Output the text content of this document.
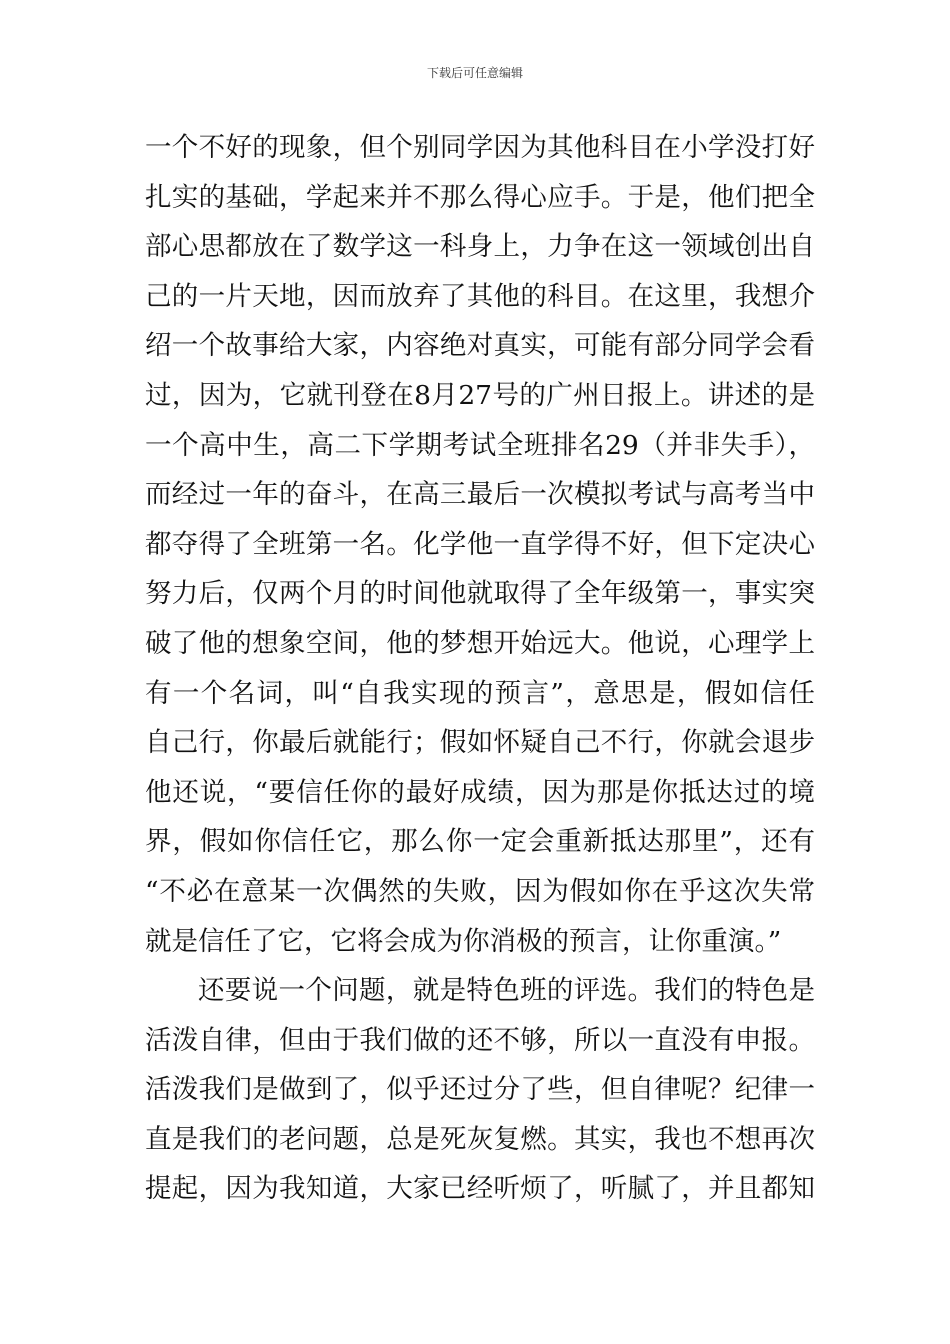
下载后可任意编辑
一个不好的现象，但个别同学因为其他科目在小学没打好
扎实的基础，学起来并不那么得心应手。于是，他们把全
部心思都放在了数学这一科身上，力争在这一领域创出自
己的一片天地，因而放弃了其他的科目。在这里，我想介
绍一个故事给大家，内容绝对真实，可能有部分同学会看
过，因为，它就刊登在8月27号的广州日报上。讲述的是
一个高中生，高二下学期考试全班排名29（并非失手），
而经过一年的奋斗，在高三最后一次模拟考试与高考当中
都夺得了全班第一名。化学他一直学得不好，但下定决心
努力后，仅两个月的时间他就取得了全年级第一，事实突
破了他的想象空间，他的梦想开始远大。他说，心理学上
有一个名词，叫“自我实现的预言”，意思是，假如信任
自己行，你最后就能行；假如怀疑自己不行，你就会退步
他还说，“要信任你的最好成绩，因为那是你抵达过的境
界，假如你信任它，那么你一定会重新抵达那里”，还有
“不必在意某一次偶然的失败，因为假如你在乎这次失常
就是信任了它，它将会成为你消极的预言，让你重演。”
还要说一个问题，就是特色班的评选。我们的特色是
活泼自律，但由于我们做的还不够，所以一直没有申报。
活泼我们是做到了，似乎还过分了些，但自律呢？纪律一
直是我们的老问题，总是死灰复燃。其实，我也不想再次
提起，因为我知道，大家已经听烦了，听腻了，并且都知
